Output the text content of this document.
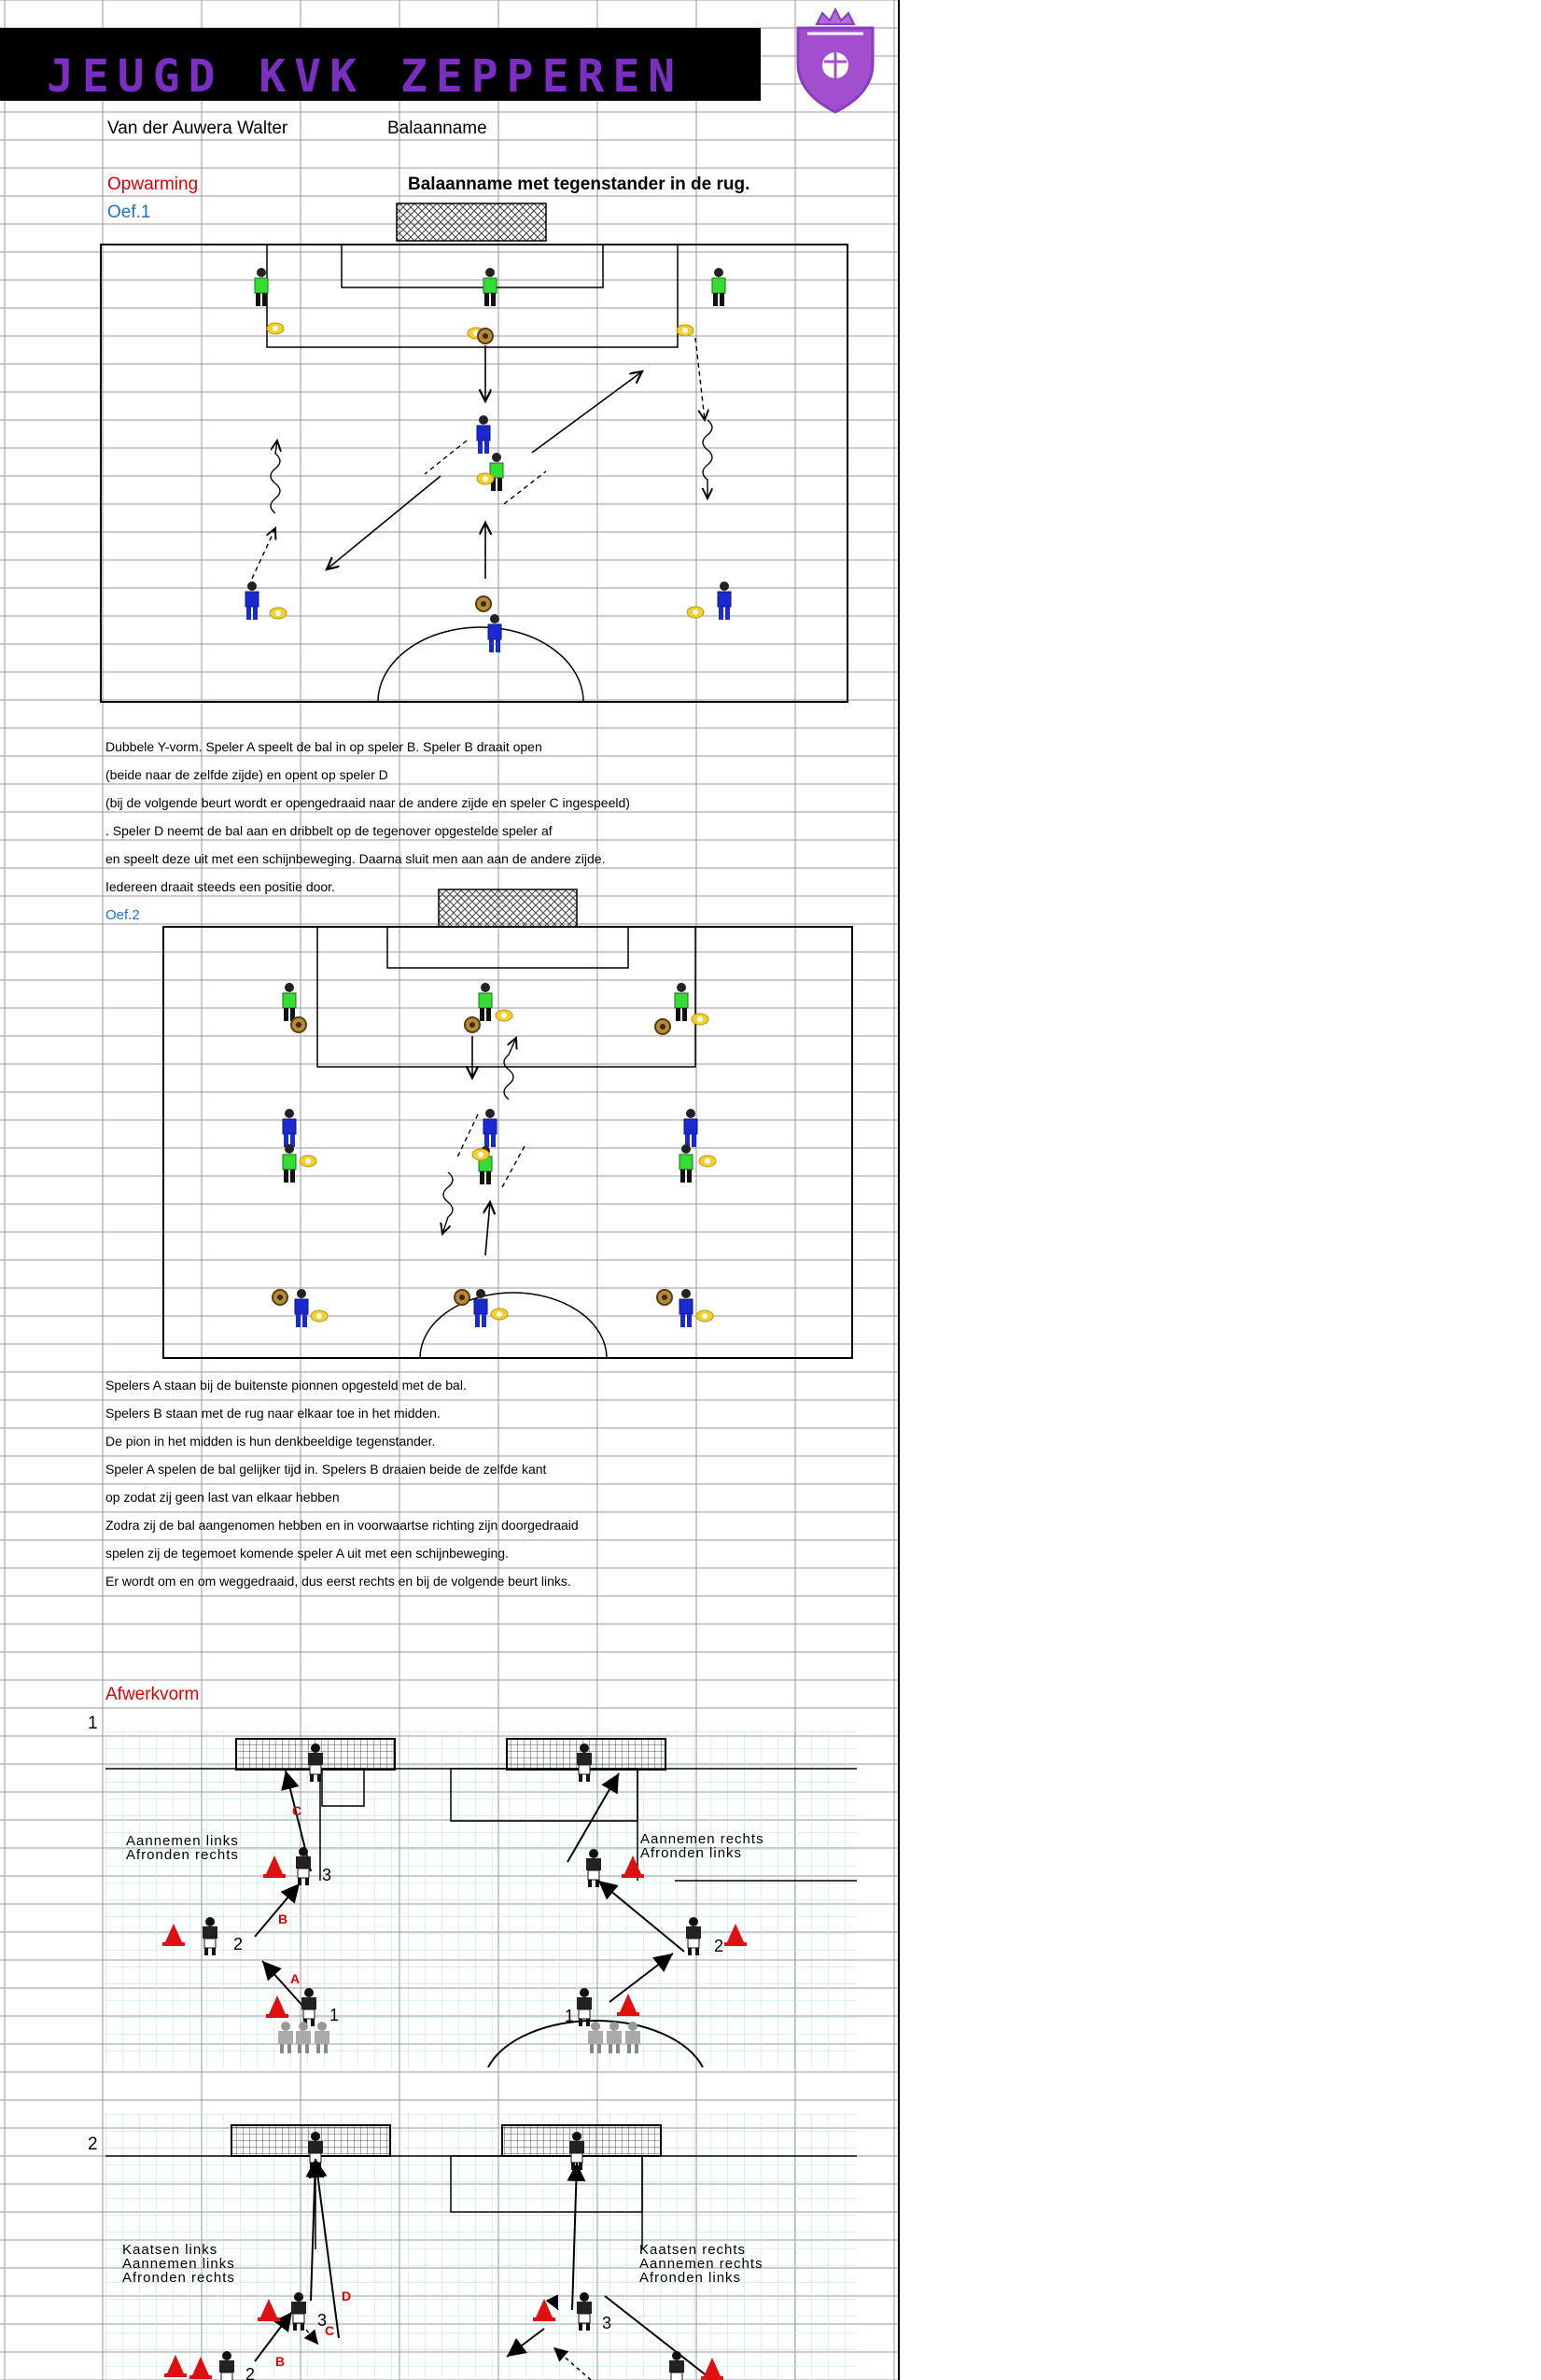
JEUGD KVK ZEPPEREN
Van der Auwera Walter	Balaanname
Opwarming	Balaanname met tegenstander in de rug.
Oef.1
Dubbele Y-vorm. Speler A speelt de bal in op speler B. Speler B draait open
(beide naar de zelfde zijde) en opent op speler D
(bij de volgende beurt wordt er opengedraaid naar de andere zijde en speler C ingespeeld)
. Speler D neemt de bal aan en dribbelt op de tegenover opgestelde speler af
en speelt deze uit met een schijnbeweging. Daarna sluit men aan aan de andere zijde.
Iedereen draait steeds een positie door.
Oef.2
Spelers A staan bij de buitenste pionnen opgesteld met de bal.
Spelers B staan met de rug naar elkaar toe in het midden.
De pion in het midden is hun denkbeeldige tegenstander.
Speler A spelen de bal gelijker tijd in. Spelers B draaien beide de zelfde kant
op zodat zij geen last van elkaar hebben
Zodra zij de bal aangenomen hebben en in voorwaartse richting zijn doorgedraaid
spelen zij de tegemoet komende speler A uit met een schijnbeweging.
Er wordt om en om weggedraaid, dus eerst rechts en bij de volgende beurt links.
Afwerkvorm
1
2
C
B
A
3
2
1
2
1
Aannemen links
Afronden rechts
Aannemen rechts
Afronden links
D
C
B
3
2
3
Kaatsen links
Aannemen links
Afronden rechts
Kaatsen rechts
Aannemen rechts
Afronden links
